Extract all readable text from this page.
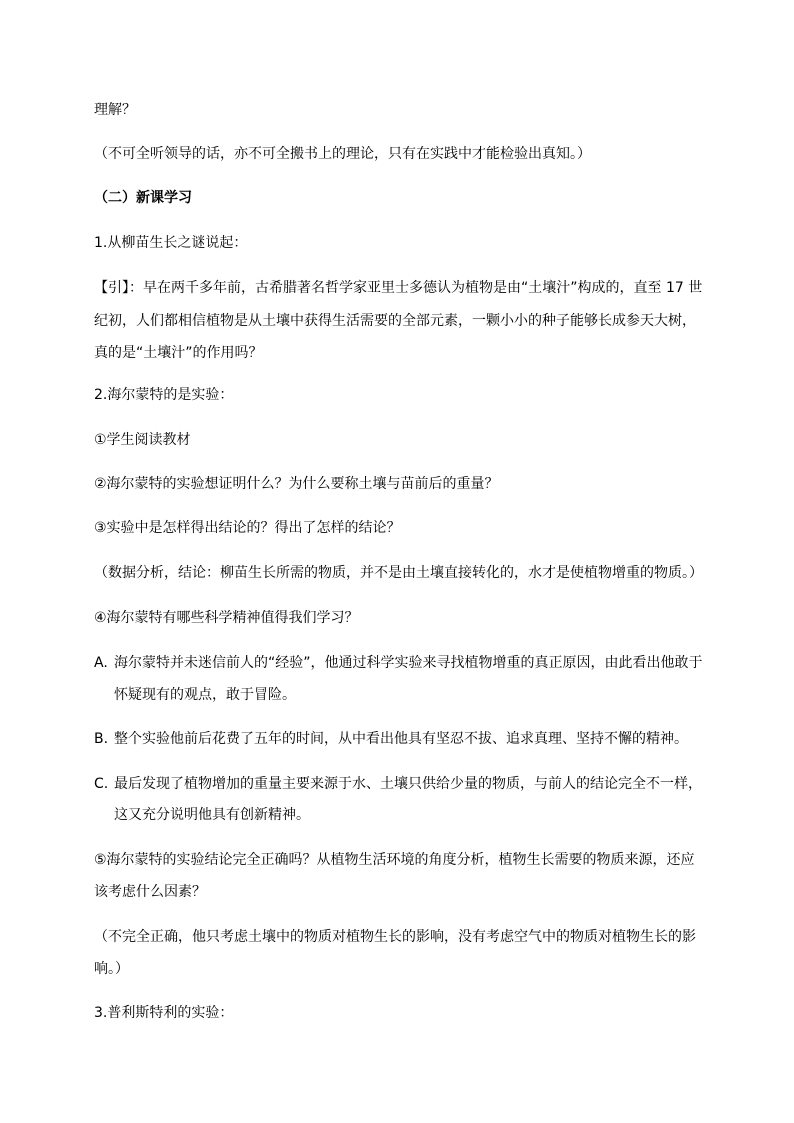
理解？
（不可全听领导的话，亦不可全搬书上的理论，只有在实践中才能检验出真知。）
（二）新课学习
1.从柳苗生长之谜说起：
【引】：早在两千多年前，古希腊著名哲学家亚里士多德认为植物是由“土壤汁”构成的，直至 17 世
纪初，人们都相信植物是从土壤中获得生活需要的全部元素，一颗小小的种子能够长成参天大树，
真的是“土壤汁”的作用吗？
2.海尔蒙特的是实验：
①学生阅读教材
②海尔蒙特的实验想证明什么？为什么要称土壤与苗前后的重量？
③实验中是怎样得出结论的？得出了怎样的结论？
（数据分析，结论：柳苗生长所需的物质，并不是由土壤直接转化的，水才是使植物增重的物质。）
④海尔蒙特有哪些科学精神值得我们学习？
A. 海尔蒙特并未迷信前人的“经验”，他通过科学实验来寻找植物增重的真正原因，由此看出他敢于
怀疑现有的观点，敢于冒险。
B. 整个实验他前后花费了五年的时间，从中看出他具有坚忍不拔、追求真理、坚持不懈的精神。
C. 最后发现了植物增加的重量主要来源于水、土壤只供给少量的物质，与前人的结论完全不一样，
这又充分说明他具有创新精神。
⑤海尔蒙特的实验结论完全正确吗？从植物生活环境的角度分析，植物生长需要的物质来源，还应
该考虑什么因素？
（不完全正确，他只考虑土壤中的物质对植物生长的影响，没有考虑空气中的物质对植物生长的影
响。）
3.普利斯特利的实验：
